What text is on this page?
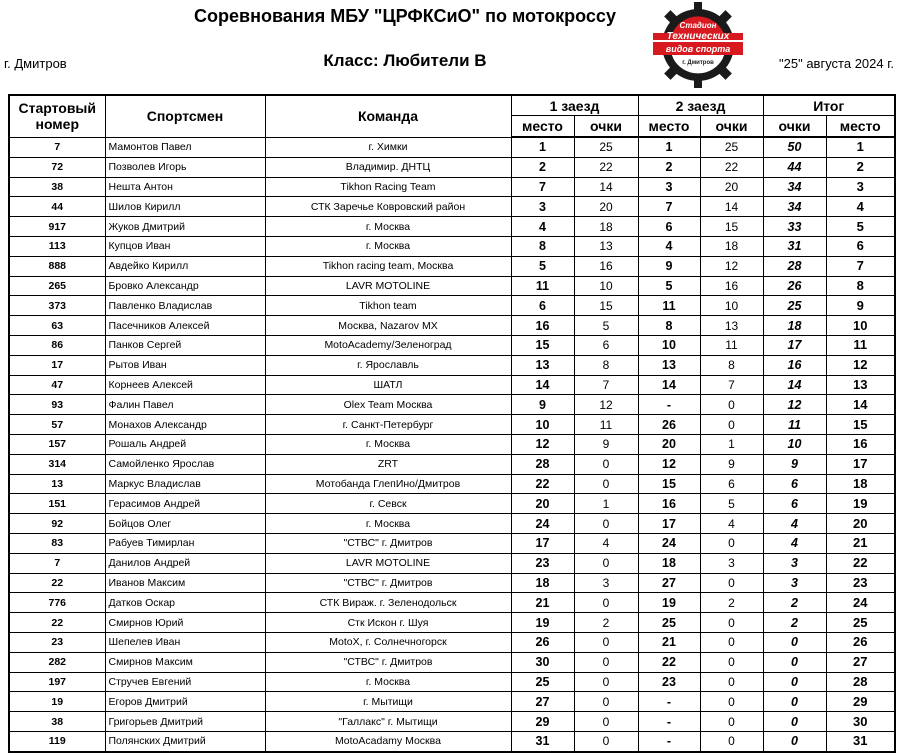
Соревнования МБУ "ЦРФКСиО" по мотокроссу
г. Дмитров	Класс: Любители В	"25" августа 2024 г.
Стадион
Технических
видов спорта
г. Дмитров
Стартовый
номер	Спортсмен	Команда	1 заезд		2 заезд		Итог	
			место	очки	место	очки	очки	место
7	Мамонтов Павел	г. Химки	1	25	1	25	50	1
72	Позволев Игорь	Владимир. ДНТЦ	2	22	2	22	44	2
38	Нешта Антон	Tikhon Racing Team	7	14	3	20	34	3
44	Шилов Кирилл	СТК Заречье Ковровский район	3	20	7	14	34	4
917	Жуков Дмитрий	г. Москва	4	18	6	15	33	5
113	Купцов Иван	г. Москва	8	13	4	18	31	6
888	Авдейко Кирилл	Tikhon racing team, Москва	5	16	9	12	28	7
265	Бровко Александр	LAVR MOTOLINE	11	10	5	16	26	8
373	Павленко Владислав	Tikhon team	6	15	11	10	25	9
63	Пасечников Алексей	Москва, Nazarov MX	16	5	8	13	18	10
86	Панков Сергей	MotoAcademy/Зеленоград	15	6	10	11	17	11
17	Рытов Иван	г. Ярославль	13	8	13	8	16	12
47	Корнеев Алексей	ШАТЛ	14	7	14	7	14	13
93	Фалин Павел	Olex Team Москва	9	12	-	0	12	14
57	Монахов Александр	г. Санкт-Петербург	10	11	26	0	11	15
157	Рошаль Андрей	г. Москва	12	9	20	1	10	16
314	Самойленко Ярослав	ZRT	28	0	12	9	9	17
13	Маркус Владислав	Мотобанда ГлепИно/Дмитров	22	0	15	6	6	18
151	Герасимов Андрей	г. Севск	20	1	16	5	6	19
92	Бойцов Олег	г. Москва	24	0	17	4	4	20
83	Рабуев Тимирлан	"СТВС" г. Дмитров	17	4	24	0	4	21
7	Данилов Андрей	LAVR MOTOLINE	23	0	18	3	3	22
22	Иванов Максим	"СТВС" г. Дмитров	18	3	27	0	3	23
776	Датков Оскар	СТК Вираж. г. Зеленодольск	21	0	19	2	2	24
22	Смирнов Юрий	Стк Искон г. Шуя	19	2	25	0	2	25
23	Шепелев Иван	MotoX, г. Солнечногорск	26	0	21	0	0	26
282	Смирнов Максим	"СТВС" г. Дмитров	30	0	22	0	0	27
197	Стручев Евгений	г. Москва	25	0	23	0	0	28
19	Егоров Дмитрий	г. Мытищи	27	0	-	0	0	29
38	Григорьев Дмитрий	"Галлакс" г. Мытищи	29	0	-	0	0	30
119	Полянских Дмитрий	MotoAcadamy Москва	31	0	-	0	0	31
